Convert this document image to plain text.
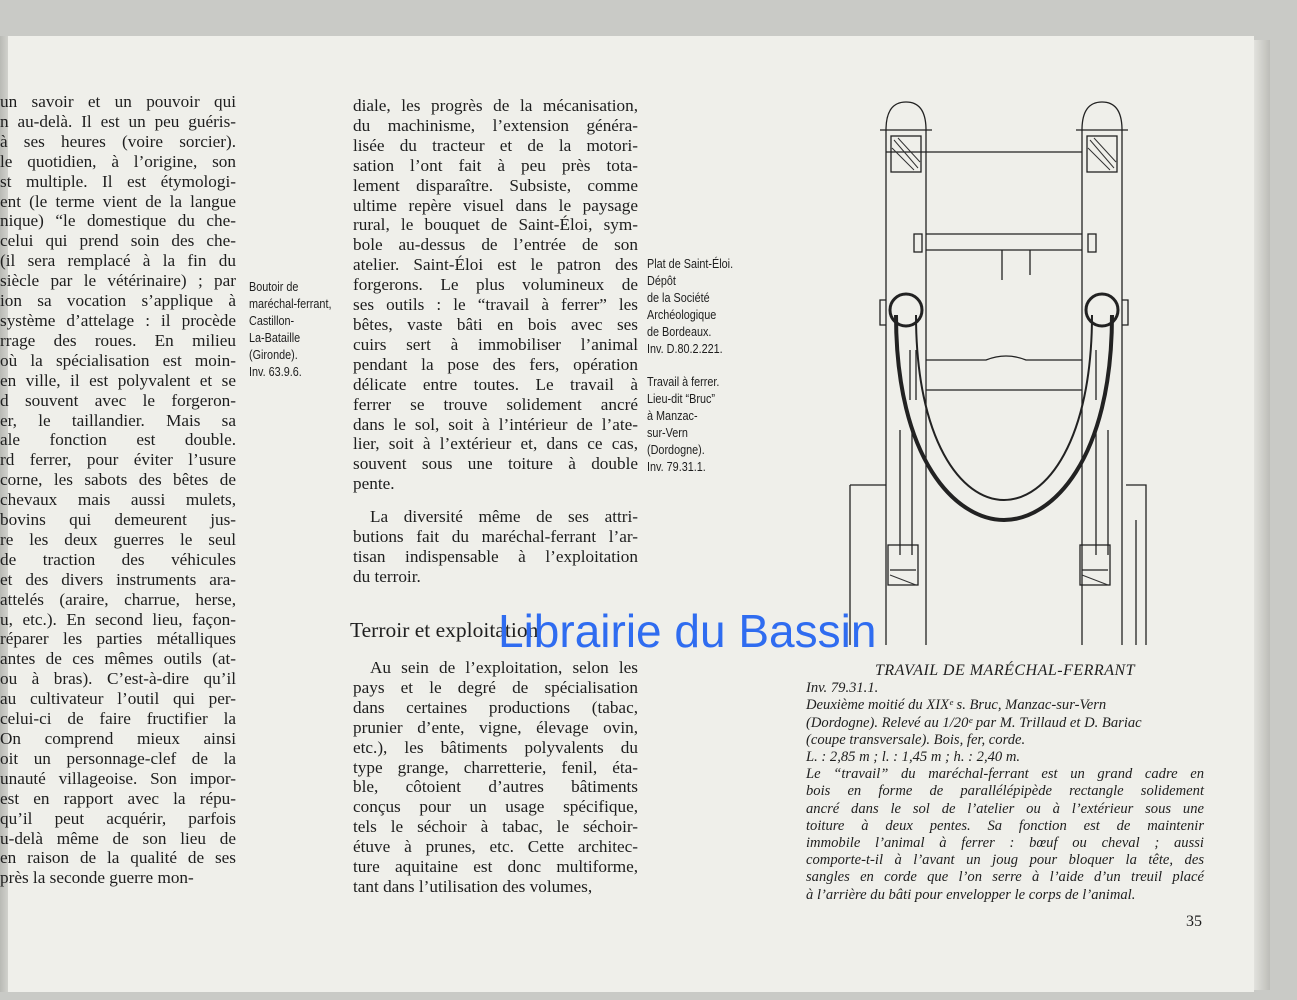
un savoir et un pouvoir qui
n au-delà. Il est un peu guéris-
à ses heures (voire sorcier).
le quotidien, à l’origine, son
st multiple. Il est étymologi-
ent (le terme vient de la langue
nique) “le domestique du che-
celui qui prend soin des che-
(il sera remplacé à la fin du
siècle par le vétérinaire) ; par
ion sa vocation s’applique à
système d’attelage : il procède
rrage des roues. En milieu
où la spécialisation est moin-
en ville, il est polyvalent et se
d souvent avec le forgeron-
er, le taillandier. Mais sa
ale fonction est double.
rd ferrer, pour éviter l’usure
corne, les sabots des bêtes de
chevaux mais aussi mulets,
bovins qui demeurent jus-
re les deux guerres le seul
de traction des véhicules
et des divers instruments ara-
attelés (araire, charrue, herse,
u, etc.). En second lieu, façon-
réparer les parties métalliques
antes de ces mêmes outils (at-
ou à bras). C’est-à-dire qu’il
au cultivateur l’outil qui per-
celui-ci de faire fructifier la
On comprend mieux ainsi
oit un personnage-clef de la
unauté villageoise. Son impor-
est en rapport avec la répu-
qu’il peut acquérir, parfois
u-delà même de son lieu de
en raison de la qualité de ses
près la seconde guerre mon-

diale, les progrès de la mécanisation,
du machinisme, l’extension généra-
lisée du tracteur et de la motori-
sation l’ont fait à peu près tota-
lement disparaître. Subsiste, comme
ultime repère visuel dans le paysage
rural, le bouquet de Saint-Éloi, sym-
bole au-dessus de l’entrée de son
atelier. Saint-Éloi est le patron des
forgerons. Le plus volumineux de
ses outils : le “travail à ferrer” les
bêtes, vaste bâti en bois avec ses
cuirs sert à immobiliser l’animal
pendant la pose des fers, opération
délicate entre toutes. Le travail à
ferrer se trouve solidement ancré
dans le sol, soit à l’intérieur de l’ate-
lier, soit à l’extérieur et, dans ce cas,
souvent sous une toiture à double
pente.

La diversité même de ses attri-
butions fait du maréchal-ferrant l’ar-
tisan indispensable à l’exploitation
du terroir.

Terroir et exploitation
Au sein de l’exploitation, selon les
pays et le degré de spécialisation
dans certaines productions (tabac,
prunier d’ente, vigne, élevage ovin,
etc.), les bâtiments polyvalents du
type grange, charretterie, fenil, éta-
ble, côtoient d’autres bâtiments
conçus pour un usage spécifique,
tels le séchoir à tabac, le séchoir-
étuve à prunes, etc. Cette architec-
ture aquitaine est donc multiforme,
tant dans l’utilisation des volumes,
Boutoir de
maréchal-ferrant,
Castillon-
La-Bataille
(Gironde).
Inv. 63.9.6.
Plat de Saint-Éloi.
Dépôt
de la Société
Archéologique
de Bordeaux.
Inv. D.80.2.221.
Travail à ferrer.
Lieu-dit “Bruc”
à Manzac-
sur-Vern
(Dordogne).
Inv. 79.31.1.
TRAVAIL DE MARÉCHAL-FERRANT
Inv. 79.31.1.
Deuxième moitié du XIXᵉ s. Bruc, Manzac-sur-Vern
(Dordogne). Relevé au 1/20ᵉ par M. Trillaud et D. Bariac
(coupe transversale). Bois, fer, corde.
L. : 2,85 m ; l. : 1,45 m ; h. : 2,40 m.
Le “travail” du maréchal-ferrant est un grand cadre en
bois en forme de parallélépipède rectangle solidement
ancré dans le sol de l’atelier ou à l’extérieur sous une
toiture à deux pentes. Sa fonction est de maintenir
immobile l’animal à ferrer : bœuf ou cheval ; aussi
comporte-t-il à l’avant un joug pour bloquer la tête, des
sangles en corde que l’on serre à l’aide d’un treuil placé
à l’arrière du bâti pour envelopper le corps de l’animal.

35

Librairie du Bassin
